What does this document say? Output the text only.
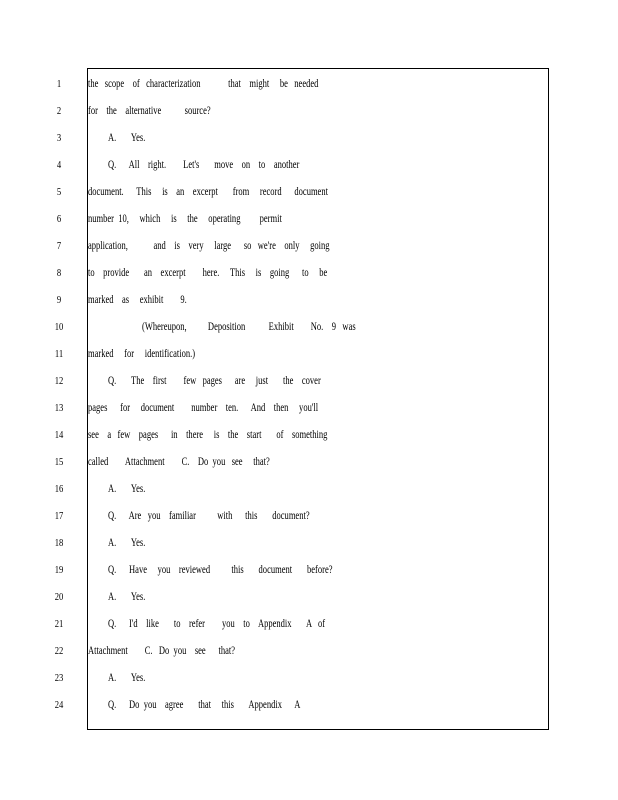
1	the   scope    of   characterization             that    might     be   needed
2	for    the    alternative           source?
3	A.       Yes.
4	Q.      All    right.        Let's       move    on    to    another
5	document.      This     is    an    excerpt       from     record      document
6	number  10,     which     is     the     operating         permit
7	application,            and    is    very     large      so   we're    only     going
8	to    provide       an    excerpt        here.     This     is    going      to     be
9	marked    as     exhibit        9.
10	(Whereupon,          Deposition           Exhibit        No.    9   was
11 marked     for     identification.)
12	Q.       The    first        few   pages      are     just       the    cover
13 pages      for     document        number    ten.      And    then     you'll
14 see    a   few    pages      in    there     is    the    start       of    something
15 called        Attachment        C.    Do  you   see     that?
16	A.       Yes.
17	Q.      Are   you    familiar          with      this       document?
18	A.       Yes.
19	Q.      Have     you    reviewed          this       document       before?
20	A.       Yes.
21	Q.      I'd    like       to    refer        you    to    Appendix       A   of
22 Attachment        C.   Do  you    see      that?
23	A.       Yes.
24	Q.      Do  you    agree       that     this       Appendix      A
